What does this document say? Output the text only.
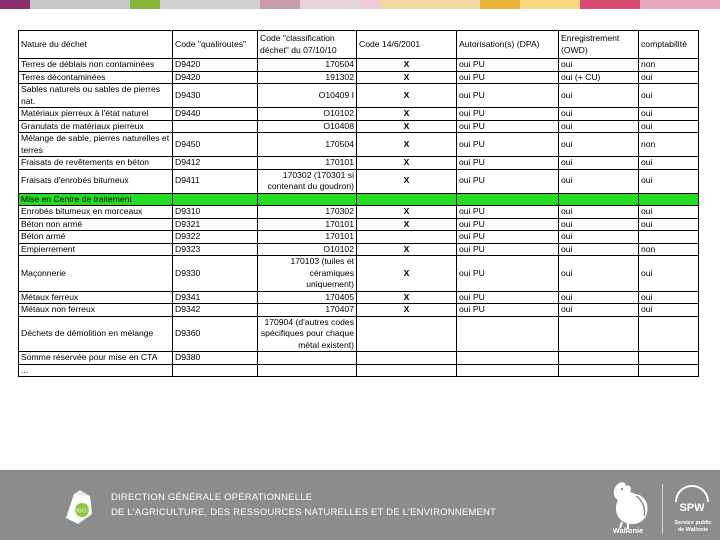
Nature du déchet	Code "qualiroutes"	Code "classification déchet" du 07/10/10	Code 14/6/2001	Autorisation(s) (DPA)	Enregistrement (OWD)	comptabilité
Terres de déblais non contaminées	D9420	170504	X	oui PU	oui	non
Terres décontaminées	D9420	191302	X	oui PU	oui (+ CU)	oui
Sables naturels ou sables de pierres nat.	D9430	O10409 I	X	oui PU	oui	oui
Matériaux pierreux à l'état naturel	D9440	O10102	X	oui PU	oui	oui
Granulats de matériaux pierreux		O10408	X	oui PU	oui	oui
Mélange de sable, pierres naturelles et terres	D9450	170504	X	oui PU	oui	non
Fraisats de revêtements en béton	D9412	170101	X	oui PU	oui	oui
Fraisats d'enrobés bitumeux	D9411	170302 (170301 si contenant du goudron)	X	oui PU	oui	oui
Mise en Centre de traitement						
Enrobés bitumeux en morceaux	D9310	170302	X	oui PU	oui	oui
Béton non armé	D9321	170101	X	oui PU	oui	oui
Béton armé	D9322	170101		oui PU	oui	
Empierrement	D9323	O10102	X	oui PU	oui	non
Maçonnerie	D9330	170103 (tuiles et céramiques uniquement)	X	oui PU	oui	oui
Métaux ferreux	D9341	170405	X	oui PU	oui	oui
Métaux non ferreux	D9342	170407	X	oui PU	oui	oui
Déchets de démolition en mélange	D9360	170904 (d'autres codes spécifiques pour chaque métal existent)				
Somme réservée pour mise en CTA	D9380					
...						
DGO 3
DIRECTION GÉNÉRALE OPÉRATIONNELLE
DE L'AGRICULTURE, DES RESSOURCES NATURELLES ET DE L'ENVIRONNEMENT
Wallonie
SPW
Service public
de Wallonie
